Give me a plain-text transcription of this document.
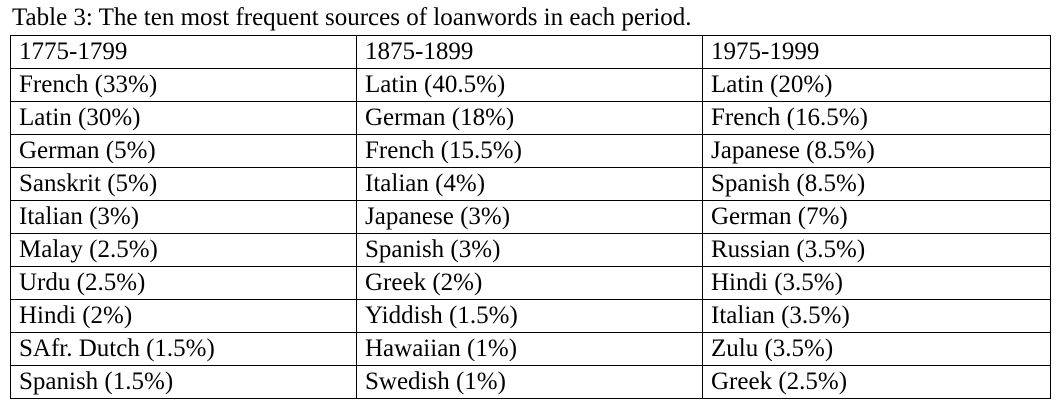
Table 3: The ten most frequent sources of loanwords in each period.
1775-1799	1875-1899	1975-1999
French (33%)	Latin (40.5%)	Latin (20%)
Latin (30%)	German (18%)	French (16.5%)
German (5%)	French (15.5%)	Japanese (8.5%)
Sanskrit (5%)	Italian (4%)	Spanish (8.5%)
Italian (3%)	Japanese (3%)	German (7%)
Malay (2.5%)	Spanish (3%)	Russian (3.5%)
Urdu (2.5%)	Greek (2%)	Hindi (3.5%)
Hindi (2%)	Yiddish (1.5%)	Italian (3.5%)
SAfr. Dutch (1.5%)	Hawaiian (1%)	Zulu (3.5%)
Spanish (1.5%)	Swedish (1%)	Greek (2.5%)
